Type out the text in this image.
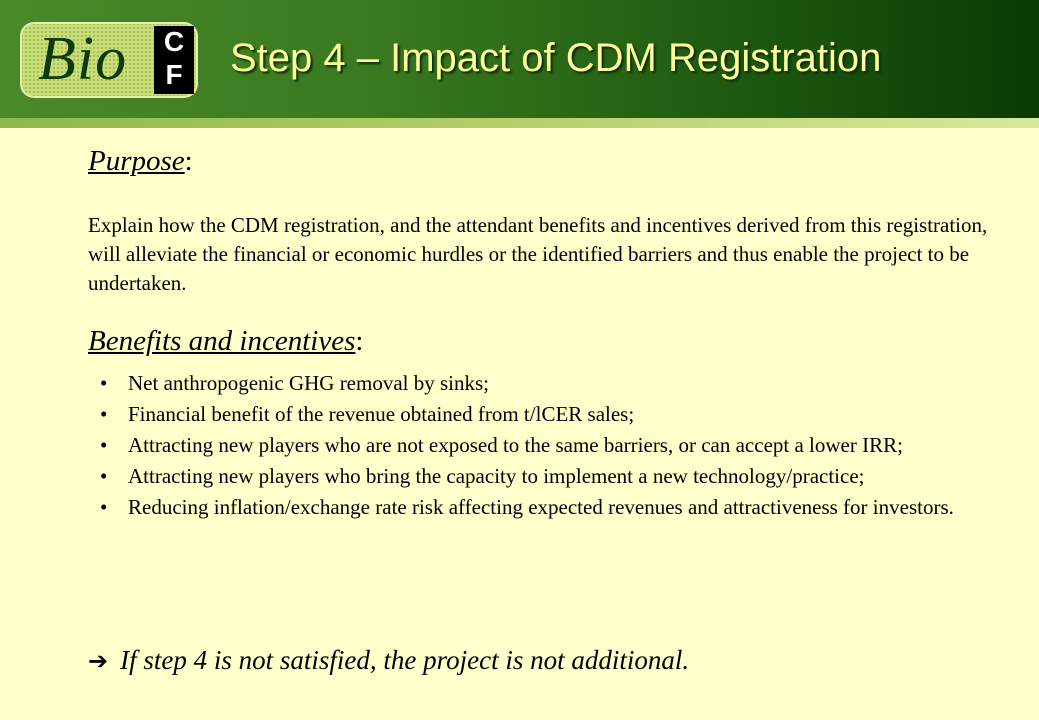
Bio	C
F Step 4 – Impact of CDM Registration
Purpose:
Explain how the CDM registration, and the attendant benefits and incentives derived from this registration, will alleviate the financial or economic hurdles or the identified barriers and thus enable the project to be undertaken.
Benefits and incentives:
• Net anthropogenic GHG removal by sinks;
• Financial benefit of the revenue obtained from t/lCER sales;
• Attracting new players who are not exposed to the same barriers, or can accept a lower IRR;
• Attracting new players who bring the capacity to implement a new technology/practice;
• Reducing inflation/exchange rate risk affecting expected revenues and attractiveness for investors.
➔ If step 4 is not satisfied, the project is not additional.
